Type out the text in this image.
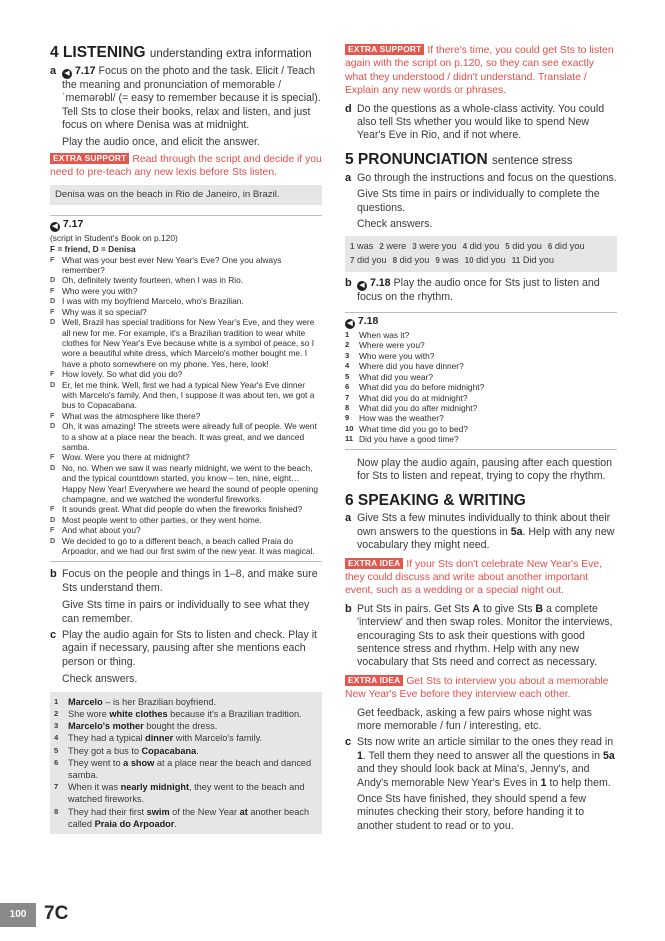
4 LISTENING understanding extra information

a	◀ 7.17 Focus on the photo and the task. Elicit / Teach the meaning and pronunciation of memorable /ˈmemərəbl/ (= easy to remember because it is special). Tell Sts to close their books, relax and listen, and just focus on where Denisa was at midnight.

Play the audio once, and elicit the answer.

EXTRA SUPPORT Read through the script and decide if you need to pre-teach any new lexis before Sts listen.

Denisa was on the beach in Rio de Janeiro, in Brazil.
◀ 7.17

(script in Student's Book on p.120)

F = friend, D = Denisa

F What was your best ever New Year's Eve? One you always remember?
D Oh, definitely twenty fourteen, when I was in Rio.
F Who were you with?
D I was with my boyfriend Marcelo, who's Brazilian.
F Why was it so special?
D Well, Brazil has special traditions for New Year's Eve, and they were all new for me. For example, it's a Brazilian tradition to wear white clothes for New Year's Eve because white is a symbol of peace, so I wore a beautiful white dress, which Marcelo's mother bought me. I have a photo somewhere on my phone. Yes, here, look!
F How lovely. So what did you do?
D Er, let me think. Well, first we had a typical New Year's Eve dinner with Marcelo's family. And then, I suppose it was about ten, we got a bus to Copacabana.
F What was the atmosphere like there?
D Oh, it was amazing! The streets were already full of people. We went to a show at a place near the beach. It was great, and we danced samba.
F Wow. Were you there at midnight?
D No, no. When we saw it was nearly midnight, we went to the beach, and the typical countdown started, you know – ten, nine, eight…Happy New Year! Everywhere we heard the sound of people opening champagne, and we watched the wonderful fireworks.
F It sounds great. What did people do when the fireworks finished?
D Most people went to other parties, or they went home.
F And what about you?
D We decided to go to a different beach, a beach called Praia do Arpoador, and we had our first swim of the new year. It was magical.
b Focus on the people and things in 1–8, and make sure Sts understand them.

Give Sts time in pairs or individually to see what they can remember.

c Play the audio again for Sts to listen and check. Play it again if necessary, pausing after she mentions each person or thing.

Check answers.

1	Marcelo – is her Brazilian boyfriend.
2	She wore white clothes because it's a Brazilian tradition.
3	Marcelo's mother bought the dress.
4	They had a typical dinner with Marcelo's family.
5	They got a bus to Copacabana.
6	They went to a show at a place near the beach and danced samba.
7	When it was nearly midnight, they went to the beach and watched fireworks.
8	They had their first swim of the New Year at another beach called Praia do Arpoador.

EXTRA SUPPORT If there's time, you could get Sts to listen again with the script on p.120, so they can see exactly what they understood / didn't understand. Translate / Explain any new words or phrases.

d Do the questions as a whole-class activity. You could also tell Sts whether you would like to spend New Year's Eve in Rio, and if not where.

5 PRONUNCIATION sentence stress

a Go through the instructions and focus on the questions.

Give Sts time in pairs or individually to complete the questions.

Check answers.

1 was 2 were 3 were you 4 did you 5 did you 6 did you7 did you 8 did you 9 was 10 did you 11 Did you
b	◀ 7.18 Play the audio once for Sts just to listen and focus on the rhythm.

◀ 7.18
1	When was it?
2	Where were you?
3	Who were you with?
4	Where did you have dinner?
5	What did you wear?
6	What did you do before midnight?
7	What did you do at midnight?
8	What did you do after midnight?
9	How was the weather?
10 What time did you go to bed?
11 Did you have a good time?

Now play the audio again, pausing after each question for Sts to listen and repeat, trying to copy the rhythm.

6 SPEAKING & WRITING

a Give Sts a few minutes individually to think about their own answers to the questions in 5a. Help with any new vocabulary they might need.

EXTRA IDEA If your Sts don't celebrate New Year's Eve, they could discuss and write about another important event, such as a wedding or a special night out.

b Put Sts in pairs. Get Sts A to give Sts B a complete 'interview' and then swap roles. Monitor the interviews, encouraging Sts to ask their questions with good sentence stress and rhythm. Help with any new vocabulary that Sts need and correct as necessary.

EXTRA IDEA Get Sts to interview you about a memorable New Year's Eve before they interview each other.

Get feedback, asking a few pairs whose night was more memorable / fun / interesting, etc.

c Sts now write an article similar to the ones they read in 1. Tell them they need to answer all the questions in 5a and they should look back at Mina's, Jenny's, and Andy's memorable New Year's Eves in 1 to help them.

Once Sts have finished, they should spend a few minutes checking their story, before handing it to another student to read or to you.

100 7C
